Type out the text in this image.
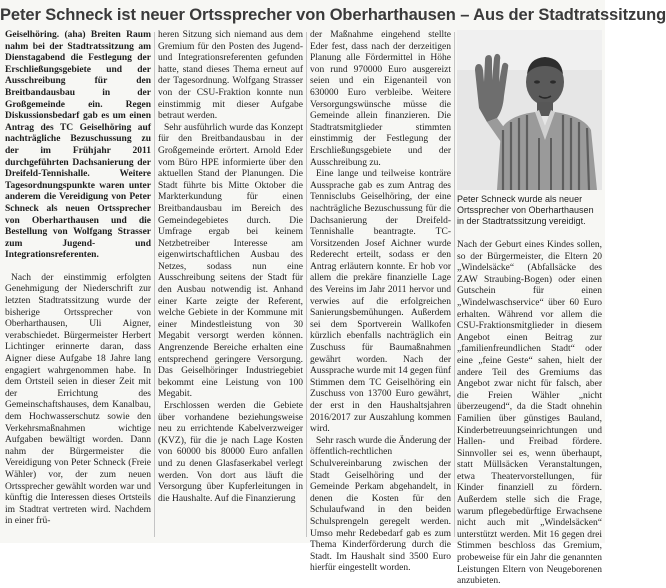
Peter Schneck ist neuer Ortssprecher von Oberharthausen – Aus der Stadtratssitzung

Geiselhöring. (aha) Breiten Raum nahm bei der Stadtratssitzung am Dienstagabend die Festlegung der Erschließungsgebiete und der Ausschreibung für den Breitbandausbau in der Großgemeinde ein. Regen Diskussionsbedarf gab es um einen Antrag des TC Geiselhöring auf nachträgliche Bezuschussung zu der im Frühjahr 2011 durchgeführten Dachsanierung der Dreifeld-Tennishalle. Weitere Tagesordnungspunkte waren unter anderem die Vereidigung von Peter Schneck als neuen Ortssprecher von Oberharthausen und die Bestellung von Wolfgang Strasser zum Jugend- und Integrationsreferenten.

Nach der einstimmig erfolgten Genehmigung der Niederschrift zur letzten Stadtratssitzung wurde der bisherige Ortssprecher von Oberharthausen, Uli Aigner, verabschiedet. Bürgermeister Herbert Lichtinger erinnerte daran, dass Aigner diese Aufgabe 18 Jahre lang engagiert wahrgenommen habe. In dem Ortsteil seien in dieser Zeit mit der Errichtung des Gemeinschaftshauses, dem Kanalbau, dem Hochwasserschutz sowie den Verkehrsmaßnahmen wichtige Aufgaben bewältigt worden. Dann nahm der Bürgermeister die Vereidigung von Peter Schneck (Freie Wähler) vor, der zum neuen Ortssprecher gewählt worden war und künftig die Interessen dieses Ortsteils im Stadtrat vertreten wird. Nachdem in einer frü-

heren Sitzung sich niemand aus dem Gremium für den Posten des Jugend- und Integrationsreferenten gefunden hatte, stand dieses Thema erneut auf der Tagesordnung. Wolfgang Strasser von der CSU-Fraktion konnte nun einstimmig mit dieser Aufgabe betraut werden.

Sehr ausführlich wurde das Konzept für den Breitbandausbau in der Großgemeinde erörtert. Arnold Eder vom Büro HPE informierte über den aktuellen Stand der Planungen. Die Stadt führte bis Mitte Oktober die Markterkundung für einen Breitbandausbau im Bereich des Gemeindegebietes durch. Die Umfrage ergab bei keinem Netzbetreiber Interesse am eigenwirtschaftlichen Ausbau des Netzes, sodass nun eine Ausschreibung seitens der Stadt für den Ausbau notwendig ist. Anhand einer Karte zeigte der Referent, welche Gebiete in der Kommune mit einer Mindestleistung von 30 Megabit versorgt werden können. Angrenzende Bereiche erhalten eine entsprechend geringere Versorgung. Das Geiselhöringer Industriegebiet bekommt eine Leistung von 100 Megabit.

Erschlossen werden die Gebiete über vorhandene beziehungsweise neu zu errichtende Kabelverzweiger (KVZ), für die je nach Lage Kosten von 60000 bis 80000 Euro anfallen und zu denen Glasfaserkabel verlegt werden. Von dort aus läuft die Versorgung über Kupferleitungen in die Haushalte. Auf die Finanzierung

der Maßnahme eingehend stellte Eder fest, dass nach der derzeitigen Planung alle Fördermittel in Höhe von rund 970000 Euro ausgereizt seien und ein Eigenanteil von 630000 Euro verbleibe. Weitere Versorgungswünsche müsse die Gemeinde allein finanzieren. Die Stadtratsmitglieder stimmten einstimmig der Festlegung der Erschließungsgebiete und der Ausschreibung zu.

Eine lange und teilweise konträre Aussprache gab es zum Antrag des Tennisclubs Geiselhöring, der eine nachträgliche Bezuschussung für die Dachsanierung der Dreifeld-Tennishalle beantragte. TC-Vorsitzenden Josef Aichner wurde Rederecht erteilt, sodass er den Antrag erläutern konnte. Er hob vor allem die prekäre finanzielle Lage des Vereins im Jahr 2011 hervor und verwies auf die erfolgreichen Sanierungsbemühungen. Außerdem sei dem Sportverein Wallkofen kürzlich ebenfalls nachträglich ein Zuschuss für Baumaßnahmen gewährt worden. Nach der Aussprache wurde mit 14 gegen fünf Stimmen dem TC Geiselhöring ein Zuschuss von 13700 Euro gewährt, der erst in den Haushaltsjahren 2016/2017 zur Auszahlung kommen wird.

Sehr rasch wurde die Änderung der öffentlich-rechtlichen Schulvereinbarung zwischen der Stadt Geiselhöring und der Gemeinde Perkam abgehandelt, in denen die Kosten für den Schulaufwand in den beiden Schulsprengeln geregelt werden. Umso mehr Redebedarf gab es zum Thema Kinderförderung durch die Stadt. Im Haushalt sind 3500 Euro hierfür eingestellt worden.

Peter Schneck wurde als neuer Ortssprecher von Oberharthausen in der Stadtratssitzung vereidigt.

Nach der Geburt eines Kindes sollen, so der Bürgermeister, die Eltern 20 „Windelsäcke“ (Abfallsäcke des ZAW Straubing-Bogen) oder einen Gutschein für einen „Windelwaschservice“ über 60 Euro erhalten. Während vor allem die CSU-Fraktionsmitglieder in diesem Angebot einen Beitrag zur „familienfreundlichen Stadt“ oder eine „feine Geste“ sahen, hielt der andere Teil des Gremiums das Angebot zwar nicht für falsch, aber die Freien Wähler „nicht überzeugend“, da die Stadt ohnehin Familien über günstiges Bauland, Kinderbetreuungseinrichtungen und Hallen- und Freibad fördere. Sinnvoller sei es, wenn überhaupt, statt Müllsäcken Veranstaltungen, etwa Theatervorstellungen, für Kinder finanziell zu fördern. Außerdem stelle sich die Frage, warum pflegebedürftige Erwachsene nicht auch mit „Windelsäcken“ unterstützt werden. Mit 16 gegen drei Stimmen beschloss das Gremium, probeweise für ein Jahr die genannten Leistungen Eltern von Neugeborenen anzubieten.
